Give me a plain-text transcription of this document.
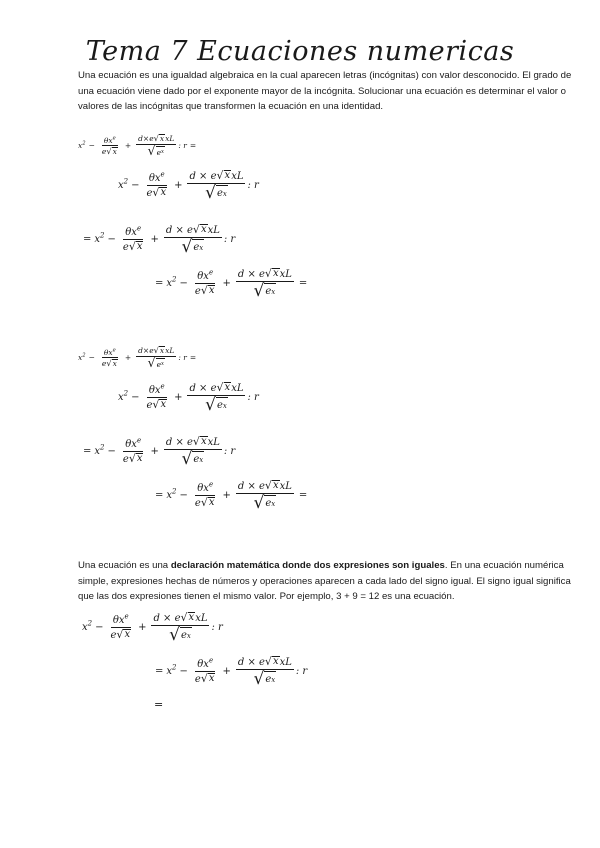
Tema 7 Ecuaciones numericas

Una ecuación es una igualdad algebraica en la cual aparecen letras (incógnitas) con valor desconocido. El grado de una ecuación viene dado por el exponente mayor de la incógnita. Solucionar una ecuación es determinar el valor o valores de las incógnitas que transformen la ecuación en una identidad.

$x^2 - \frac{\theta x^e}{e √ x} + \frac{\text{d×e √ x xL}}{\text{√ e x}}$ : r =
$x^2 - \frac{\theta x^e}{e √ x} + \frac{\text{d × e √ x xL}}{\text{√ e x}}$ : r
= $x^2 - \frac{\theta x^e}{e √ x} + \frac{\text{d × e √ x xL}}{\text{√ e x}}$ : r
= $x^2 - \frac{\theta x^e}{e √ x} + \frac{\text{d × e √ x xL}}{\text{√ e x}}$ =
$x^2 - \frac{\theta x^e}{e √ x} + \frac{\text{d×e √ x xL}}{\text{√ e x}}$ : r =
$x^2 - \frac{\theta x^e}{e √ x} + \frac{\text{d × e √ x xL}}{\text{√ e x}}$ : r
= $x^2 - \frac{\theta x^e}{e √ x} + \frac{\text{d × e √ x xL}}{\text{√ e x}}$ : r
= $x^2 - \frac{\theta x^e}{e √ x} + \frac{\text{d × e √ x xL}}{\text{√ e x}}$ =

Una ecuación es una declaración matemática donde dos expresiones son iguales. En una ecuación numérica simple, expresiones hechas de números y operaciones aparecen a cada lado del signo igual. El signo igual significa que las dos expresiones tienen el mismo valor. Por ejemplo, 3 + 9 = 12 es una ecuación.

$x^2 - \frac{\theta x^e}{e √ x} + \frac{\text{d × e √ x xL}}{\text{√ e x}}$ : r
= $x^2 - \frac{\theta x^e}{e √ x} + \frac{\text{d × e √ x xL}}{\text{√ e x}}$ : r
=
